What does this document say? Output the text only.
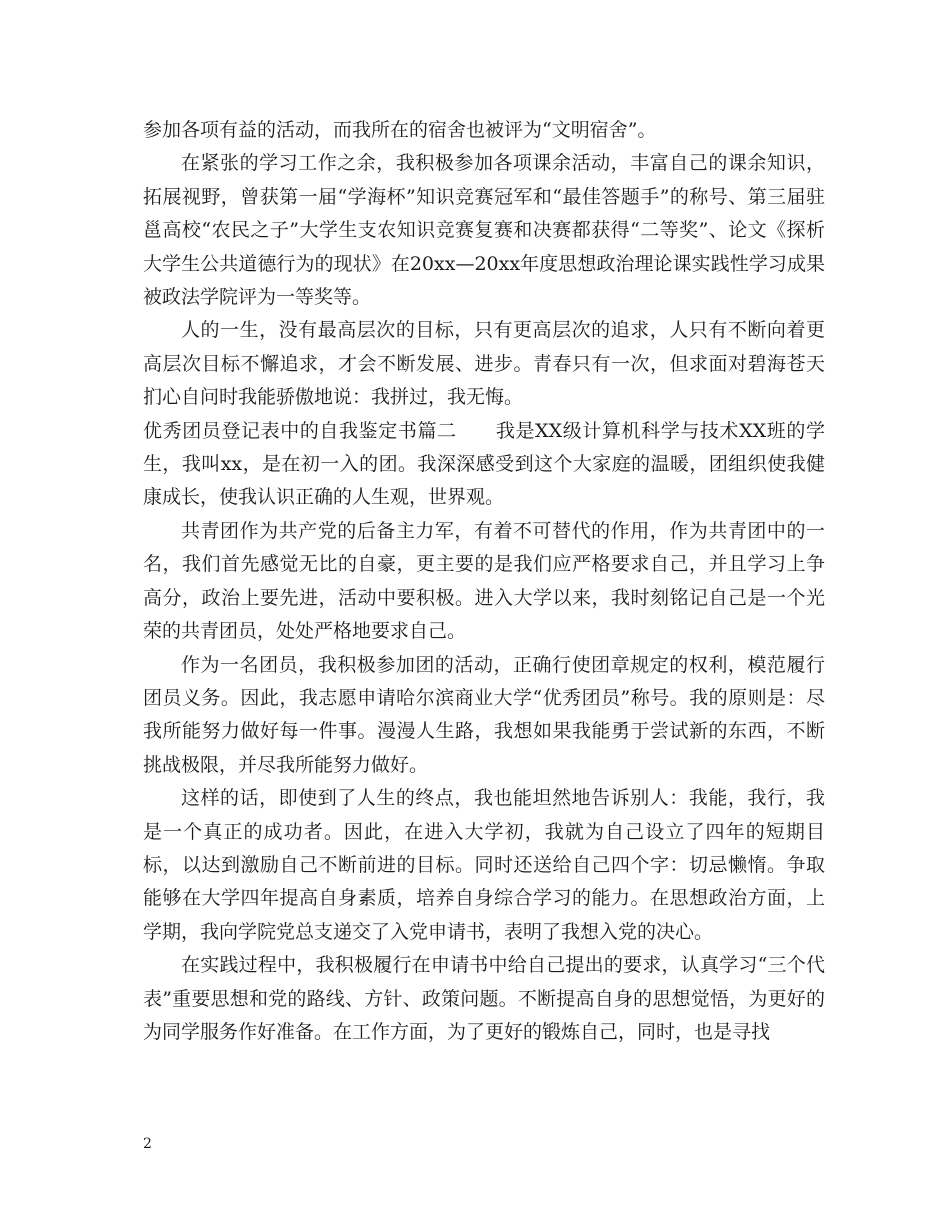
参加各项有益的活动，而我所在的宿舍也被评为“文明宿舍”。

在紧张的学习工作之余，我积极参加各项课余活动，丰富自己的课余知识，拓展视野，曾获第一届“学海杯”知识竞赛冠军和“最佳答题手”的称号、第三届驻邕高校“农民之子”大学生支农知识竞赛复赛和决赛都获得“二等奖”、论文《探析大学生公共道德行为的现状》在20xx—20xx年度思想政治理论课实践性学习成果被政法学院评为一等奖等。

人的一生，没有最高层次的目标，只有更高层次的追求，人只有不断向着更高层次目标不懈追求，才会不断发展、进步。青春只有一次，但求面对碧海苍天扪心自问时我能骄傲地说：我拼过，我无悔。

优秀团员登记表中的自我鉴定书篇二　　我是XX级计算机科学与技术XX班的学生，我叫xx，是在初一入的团。我深深感受到这个大家庭的温暖，团组织使我健康成长，使我认识正确的人生观，世界观。

共青团作为共产党的后备主力军，有着不可替代的作用，作为共青团中的一名，我们首先感觉无比的自豪，更主要的是我们应严格要求自己，并且学习上争高分，政治上要先进，活动中要积极。进入大学以来，我时刻铭记自己是一个光荣的共青团员，处处严格地要求自己。

作为一名团员，我积极参加团的活动，正确行使团章规定的权利，模范履行团员义务。因此，我志愿申请哈尔滨商业大学“优秀团员”称号。我的原则是：尽我所能努力做好每一件事。漫漫人生路，我想如果我能勇于尝试新的东西，不断挑战极限，并尽我所能努力做好。

这样的话，即使到了人生的终点，我也能坦然地告诉别人：我能，我行，我是一个真正的成功者。因此，在进入大学初，我就为自己设立了四年的短期目标，以达到激励自己不断前进的目标。同时还送给自己四个字：切忌懒惰。争取能够在大学四年提高自身素质，培养自身综合学习的能力。在思想政治方面，上学期，我向学院党总支递交了入党申请书，表明了我想入党的决心。

在实践过程中，我积极履行在申请书中给自己提出的要求，认真学习“三个代表”重要思想和党的路线、方针、政策问题。不断提高自身的思想觉悟，为更好的为同学服务作好准备。在工作方面，为了更好的锻炼自己，同时，也是寻找

2
